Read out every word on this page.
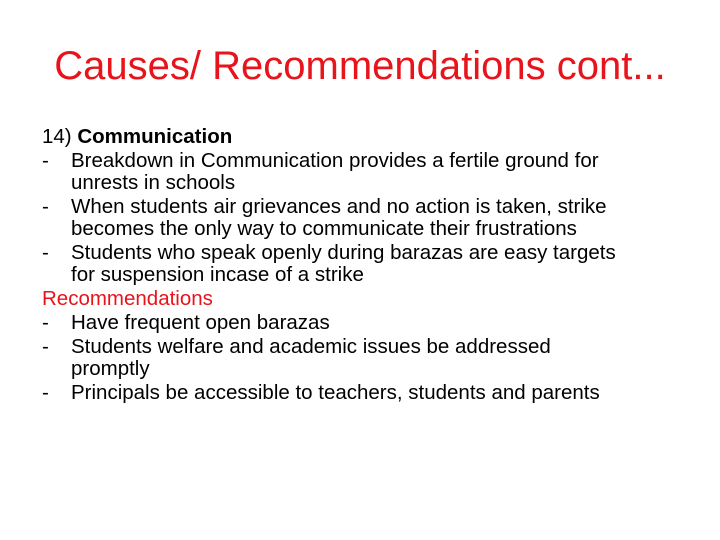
Causes/ Recommendations cont...
14) Communication
- Breakdown in Communication provides a fertile ground for
unrests in schools
- When students air grievances and no action is taken, strike
becomes the only way to communicate their frustrations
- Students who speak openly during barazas are easy targets
for suspension incase of a strike
Recommendations
- Have frequent open barazas
- Students welfare and academic issues be addressed
promptly
- Principals be accessible to teachers, students and parents
